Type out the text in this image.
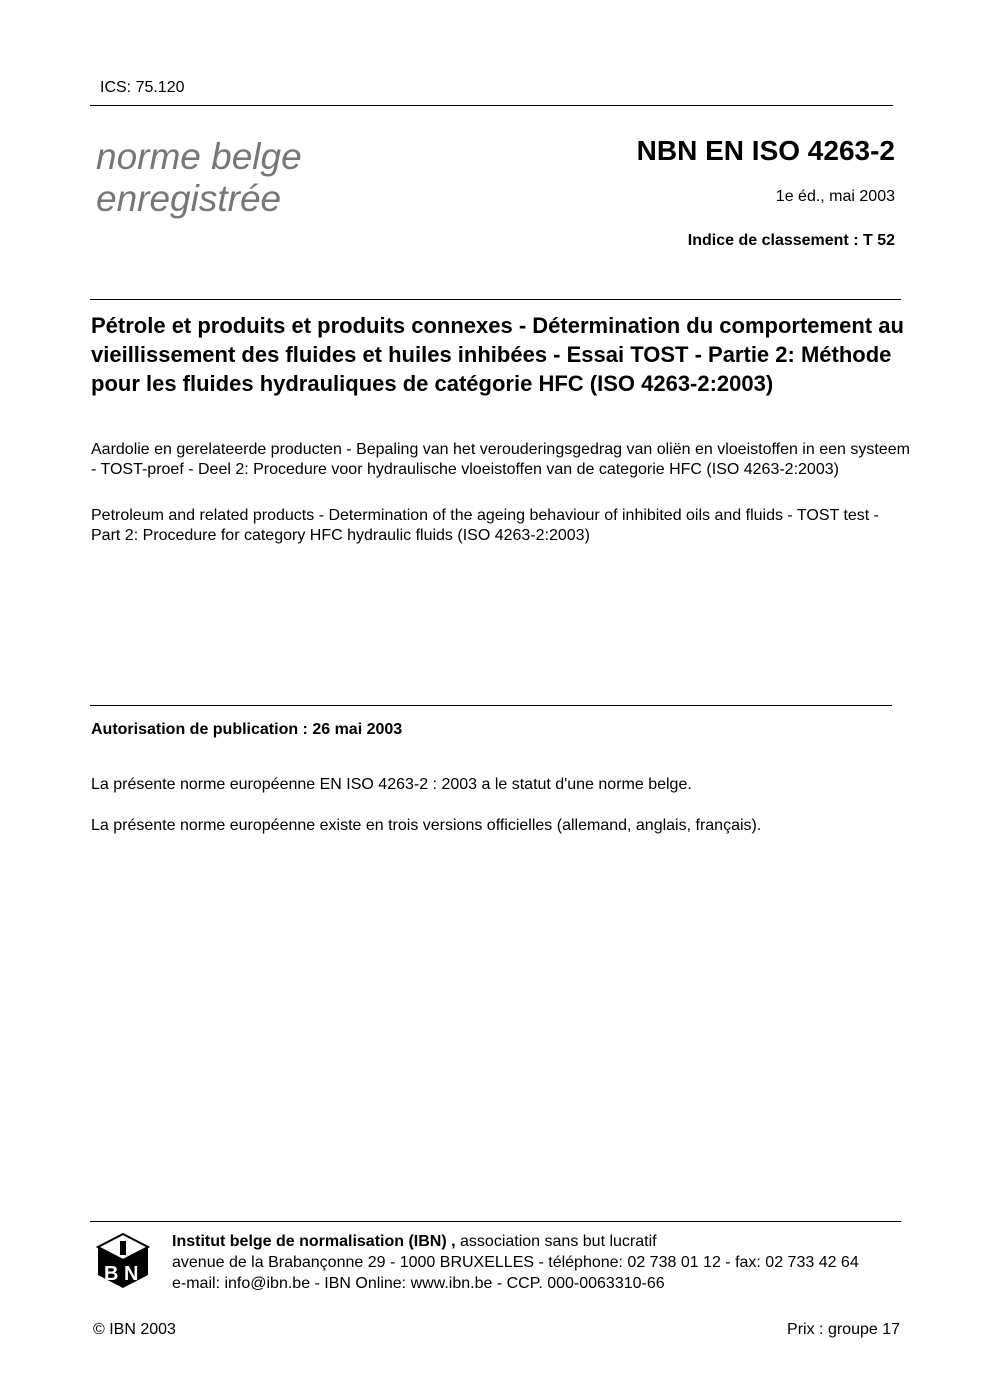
ICS: 75.120
norme belge
enregistrée
NBN EN ISO 4263-2
1e éd., mai 2003
Indice de classement : T 52
Pétrole et produits et produits connexes - Détermination du comportement au vieillissement des fluides et huiles inhibées - Essai TOST - Partie 2: Méthode pour les fluides hydrauliques de catégorie HFC (ISO 4263-2:2003)
Aardolie en gerelateerde producten - Bepaling van het verouderingsgedrag van oliën en vloeistoffen in een systeem - TOST-proef - Deel 2: Procedure voor hydraulische vloeistoffen van de categorie HFC (ISO 4263-2:2003)
Petroleum and related products - Determination of the ageing behaviour of inhibited oils and fluids - TOST test - Part 2: Procedure for category HFC hydraulic fluids (ISO 4263-2:2003)
Autorisation de publication : 26 mai 2003
La présente norme européenne EN ISO 4263-2 : 2003 a le statut d'une norme belge.
La présente norme européenne existe en trois versions officielles (allemand, anglais, français).
B N
Institut belge de normalisation (IBN) , association sans but lucratif
avenue de la Brabançonne 29 - 1000 BRUXELLES - téléphone: 02 738 01 12 - fax: 02 733 42 64
e-mail: info@ibn.be - IBN Online: www.ibn.be - CCP. 000-0063310-66
© IBN 2003	Prix : groupe 17
